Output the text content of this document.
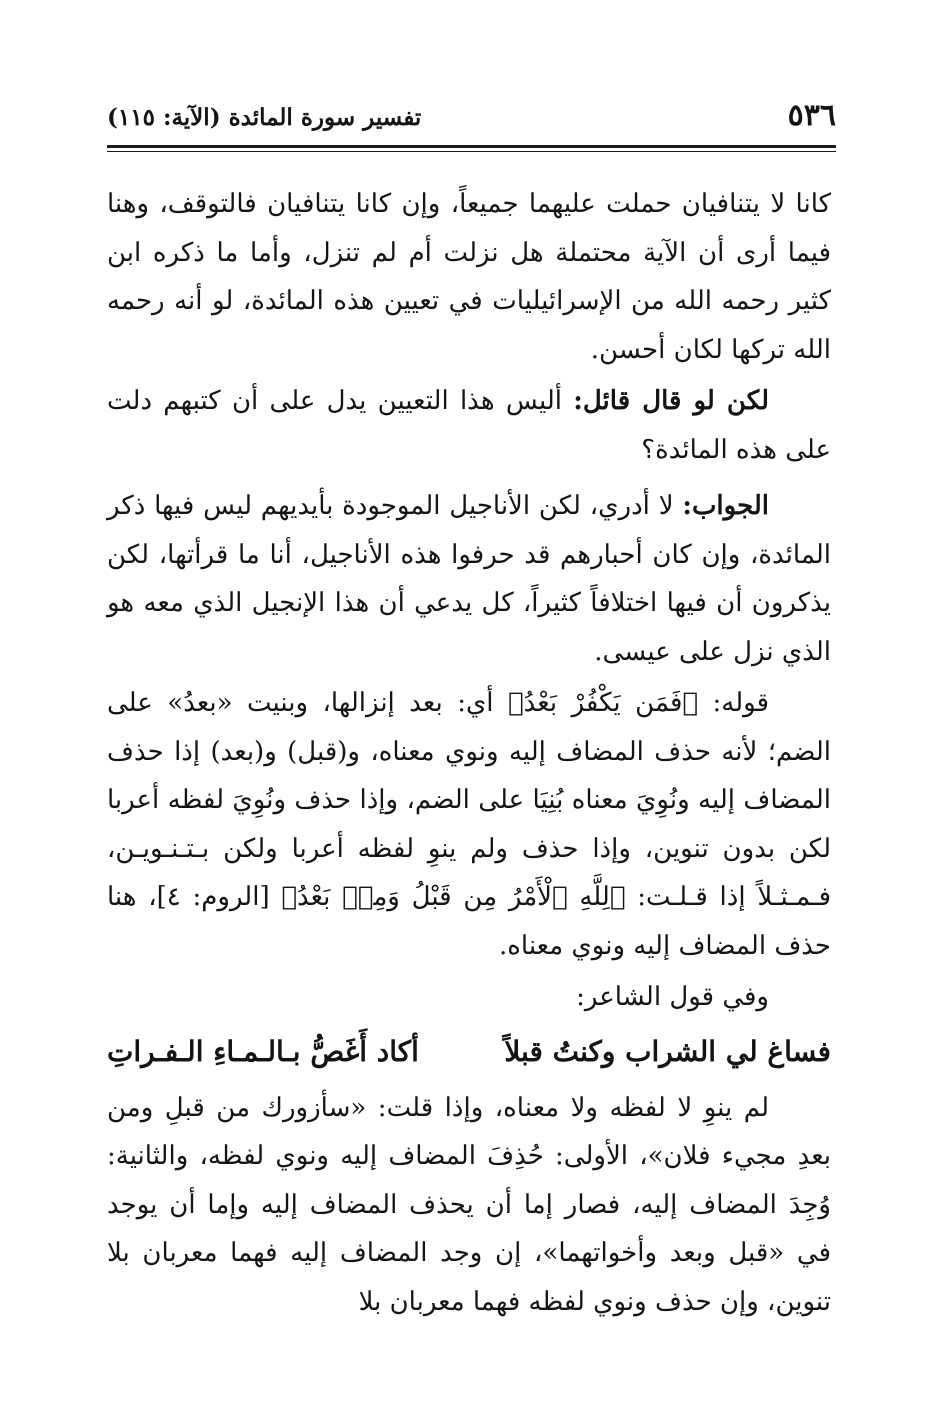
٥٣٦
تفسير سورة المائدة (الآية: ١١٥)

كانا لا يتنافيان حملت عليهما جميعاً، وإن كانا يتنافيان فالتوقف، وهنا فيما أرى أن الآية محتملة هل نزلت أم لم تنزل، وأما ما ذكره ابن كثير رحمه الله من الإسرائيليات في تعيين هذه المائدة، لو أنه رحمه الله تركها لكان أحسن.

لكن لو قال قائل: أليس هذا التعيين يدل على أن كتبهم دلت على هذه المائدة؟

الجواب: لا أدري، لكن الأناجيل الموجودة بأيديهم ليس فيها ذكر المائدة، وإن كان أحبارهم قد حرفوا هذه الأناجيل، أنا ما قرأتها، لكن يذكرون أن فيها اختلافاً كثيراً، كل يدعي أن هذا الإنجيل الذي معه هو الذي نزل على عيسى.

قوله: ﴿فَمَن يَكْفُرْ بَعْدُ﴾ أي: بعد إنزالها، وبنيت «بعدُ» على الضم؛ لأنه حذف المضاف إليه ونوي معناه، و(قبل) و(بعد) إذا حذف المضاف إليه ونُوِيَ معناه بُنِيَا على الضم، وإذا حذف ونُوِيَ لفظه أعربا لكن بدون تنوين، وإذا حذف ولم ينوِ لفظه أعربا ولكن بـتـنـويـن، فـمـثـلاً إذا قـلـت: ﴿لِلَّهِ ٱلْأَمْرُ مِن قَبْلُ وَمِنۢ بَعْدُ﴾ [الروم: ٤]، هنا حذف المضاف إليه ونوي معناه.

وفي قول الشاعر:

فساغ لي الشراب وكنتُ قبلاً
أكاد أَغَصُّ بـالـمـاءِ الـفـراتِ

لم ينوِ لا لفظه ولا معناه، وإذا قلت: «سأزورك من قبلِ ومن بعدِ مجيء فلان»، الأولى: حُذِفَ المضاف إليه ونوي لفظه، والثانية: وُجِدَ المضاف إليه، فصار إما أن يحذف المضاف إليه وإما أن يوجد في «قبل وبعد وأخواتهما»، إن وجد المضاف إليه فهما معربان بلا تنوين، وإن حذف ونوي لفظه فهما معربان بلا
